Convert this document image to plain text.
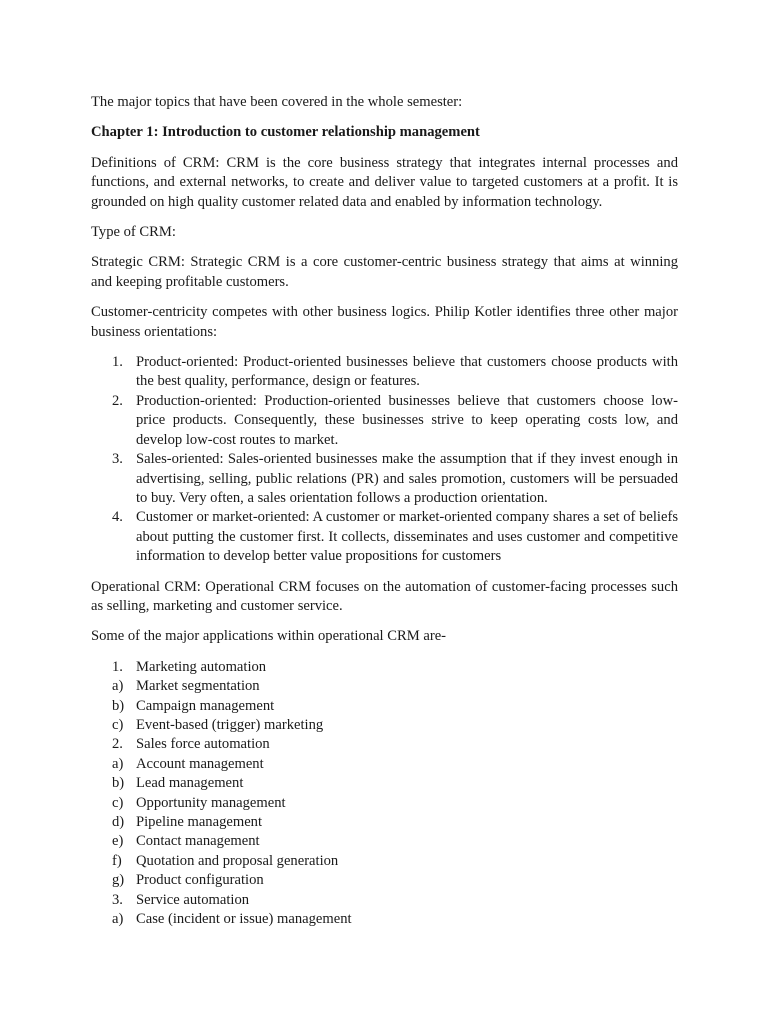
The major topics that have been covered in the whole semester:

Chapter 1: Introduction to customer relationship management

Definitions of CRM: CRM is the core business strategy that integrates internal processes and functions, and external networks, to create and deliver value to targeted customers at a profit. It is grounded on high quality customer related data and enabled by information technology.

Type of CRM:

Strategic CRM: Strategic CRM is a core customer-centric business strategy that aims at winning and keeping profitable customers.

Customer-centricity competes with other business logics. Philip Kotler identifies three other major business orientations:

1. Product-oriented: Product-oriented businesses believe that customers choose products with the best quality, performance, design or features.
2. Production-oriented: Production-oriented businesses believe that customers choose low-price products. Consequently, these businesses strive to keep operating costs low, and develop low-cost routes to market.
3. Sales-oriented: Sales-oriented businesses make the assumption that if they invest enough in advertising, selling, public relations (PR) and sales promotion, customers will be persuaded to buy. Very often, a sales orientation follows a production orientation.
4. Customer or market-oriented: A customer or market-oriented company shares a set of beliefs about putting the customer first. It collects, disseminates and uses customer and competitive information to develop better value propositions for customers

Operational CRM: Operational CRM focuses on the automation of customer-facing processes such as selling, marketing and customer service.

Some of the major applications within operational CRM are-

1. Marketing automation
a) Market segmentation
b) Campaign management
c) Event-based (trigger) marketing
2. Sales force automation
a) Account management
b) Lead management
c) Opportunity management
d) Pipeline management
e) Contact management
f) Quotation and proposal generation
g) Product configuration
3. Service automation
a) Case (incident or issue) management
